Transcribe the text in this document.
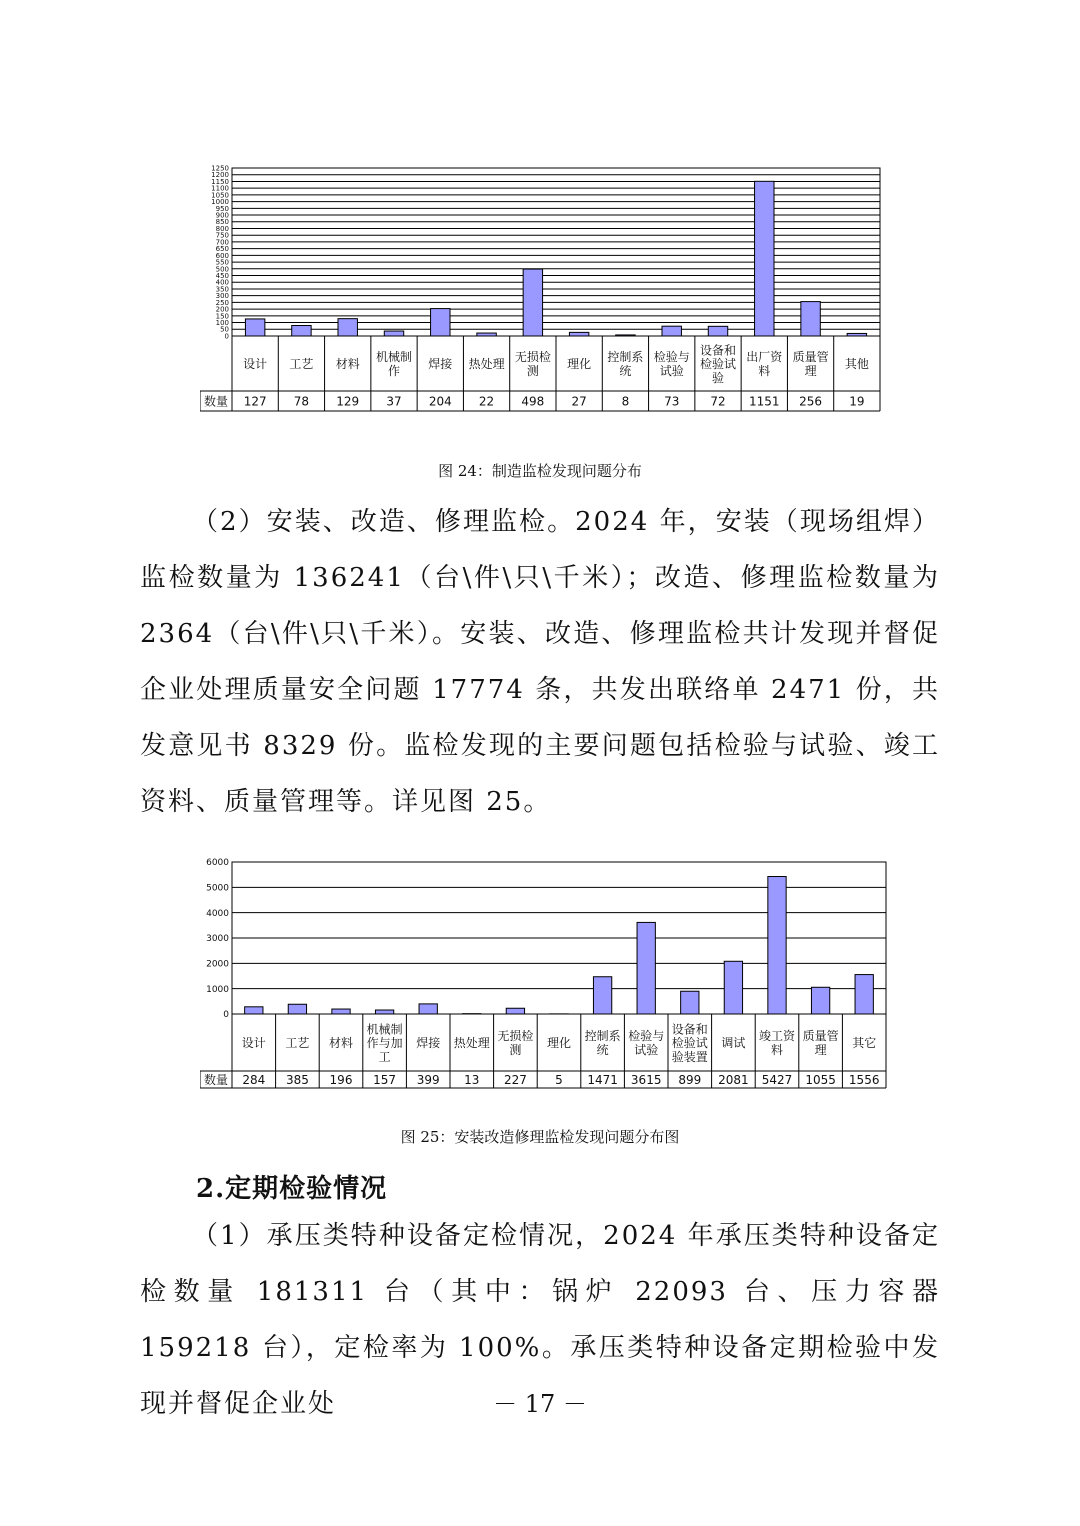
0
50
100
150
200
250
300
350
400
450
500
550
600
650
700
750
800
850
900
950
1000
1050
1100
1150
1200
1250
数量
设计
127
工艺
78
材料
129
机械制作
37
焊接
204
热处理
22
无损检测
498
理化
27
控制系统
8
检验与试验
73
设备和检验试验
72
出厂资料
1151
质量管理
256
其他
19
图 24：制造监检发现问题分布

（2）安装、改造、修理监检。2024 年，安装（现场组焊）监检数量为 136241（台\件\只\千米）；改造、修理监检数量为 2364（台\件\只\千米）。安装、改造、修理监检共计发现并督促企业处理质量安全问题 17774 条，共发出联络单 2471 份，共发意见书 8329 份。监检发现的主要问题包括检验与试验、竣工资料、质量管理等。详见图 25。

0
1000
2000
3000
4000
5000
6000
数量
设计
284
工艺
385
材料
196
机械制作与加工
157
焊接
399
热处理
13
无损检测
227
理化
5
控制系统
1471
检验与试验
3615
设备和检验试验装置
899
调试
2081
竣工资料
5427
质量管理
1055
其它
1556
图 25：安装改造修理监检发现问题分布图
2.定期检验情况

（1）承压类特种设备定检情况，2024 年承压类特种设备定检数量 181311 台（其中：锅炉 22093 台、压力容器 159218 台），定检率为 100%。承压类特种设备定期检验中发现并督促企业处	－ 17 －
